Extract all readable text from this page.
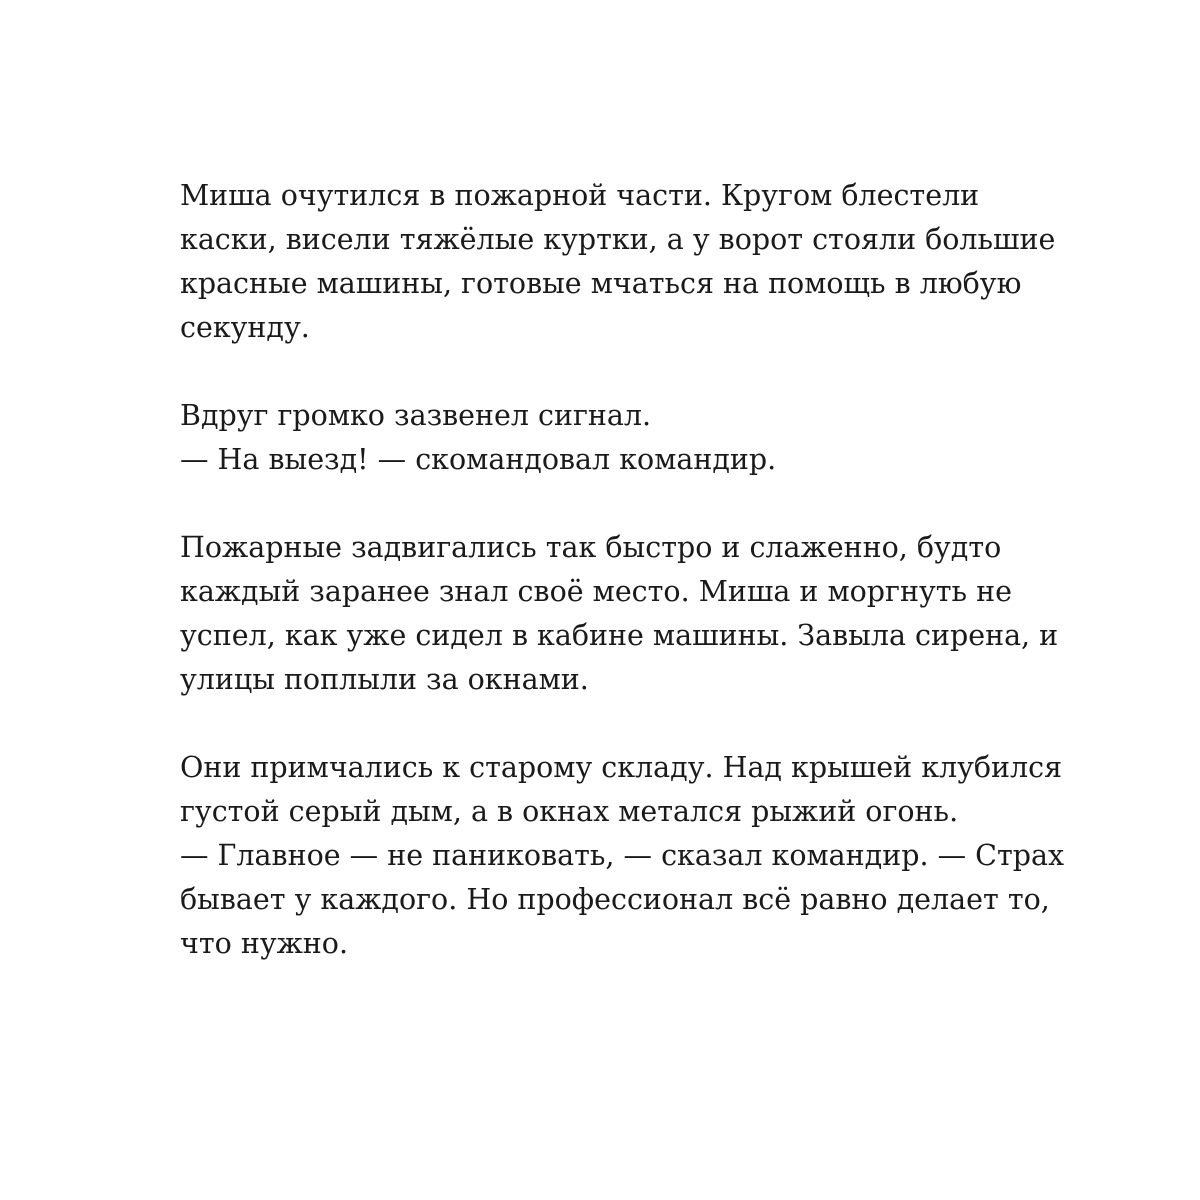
Миша очутился в пожарной части. Кругом блестели
каски, висели тяжёлые куртки, а у ворот стояли большие
красные машины, готовые мчаться на помощь в любую
секунду.

Вдруг громко зазвенел сигнал.
— На выезд! — скомандовал командир.

Пожарные задвигались так быстро и слаженно, будто
каждый заранее знал своё место. Миша и моргнуть не
успел, как уже сидел в кабине машины. Завыла сирена, и
улицы поплыли за окнами.

Они примчались к старому складу. Над крышей клубился
густой серый дым, а в окнах метался рыжий огонь.
— Главное — не паниковать, — сказал командир. — Страх
бывает у каждого. Но профессионал всё равно делает то,
что нужно.
